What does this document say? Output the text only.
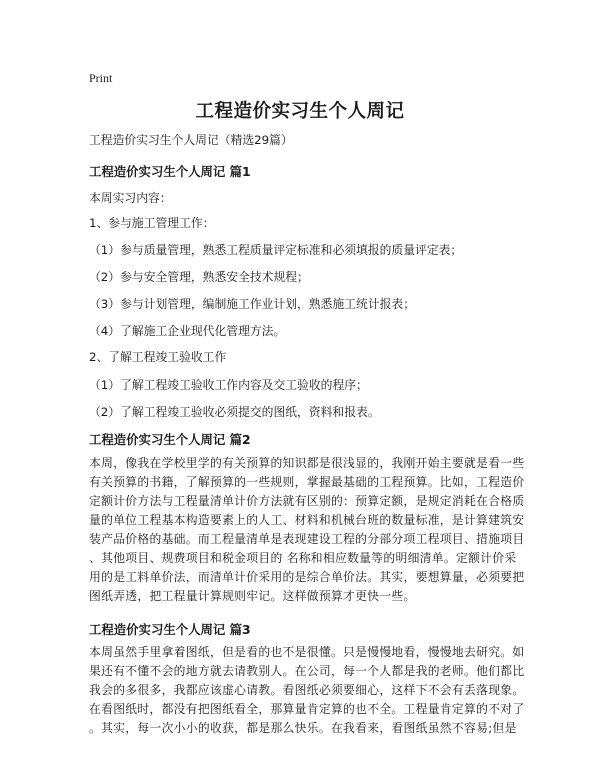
Print
工程造价实习生个人周记
工程造价实习生个人周记（精选29篇）
工程造价实习生个人周记 篇1
本周实习内容：
1、参与施工管理工作：
（1）参与质量管理，熟悉工程质量评定标准和必须填报的质量评定表；
（2）参与安全管理，熟悉安全技术规程；
（3）参与计划管理，编制施工作业计划，熟悉施工统计报表；
（4）了解施工企业现代化管理方法。
2、了解工程竣工验收工作
（1）了解工程竣工验收工作内容及交工验收的程序；
（2）了解工程竣工验收必须提交的图纸，资料和报表。
工程造价实习生个人周记 篇2
本周，像我在学校里学的有关预算的知识都是很浅显的，我刚开始主要就是看一些
有关预算的书籍，了解预算的一些规则，掌握最基础的工程预算。比如，工程造价
定额计价方法与工程量清单计价方法就有区别的：预算定额，是规定消耗在合格质
量的单位工程基本构造要素上的人工、材料和机械台班的数量标准，是计算建筑安
装产品价格的基础。而工程量清单是表现建设工程的分部分项工程项目、措施项目
、其他项目、规费项目和税金项目的 名称和相应数量等的明细清单。定额计价采
用的是工料单价法，而清单计价采用的是综合单价法。其实，要想算量，必须要把
图纸弄透，把工程量计算规则牢记。这样做预算才更快一些。
工程造价实习生个人周记 篇3
本周虽然手里拿着图纸，但是看的也不是很懂。只是慢慢地看，慢慢地去研究。如
果还有不懂不会的地方就去请教别人。在公司，每一个人都是我的老师。他们都比
我会的多很多，我都应该虚心请教。看图纸必须要细心，这样下不会有丢落现象。
在看图纸时，都没有把图纸看全，那算量肯定算的也不全。工程量肯定算的不对了
。其实，每一次小小的收获，都是那么快乐。在我看来，看图纸虽然不容易;但是
